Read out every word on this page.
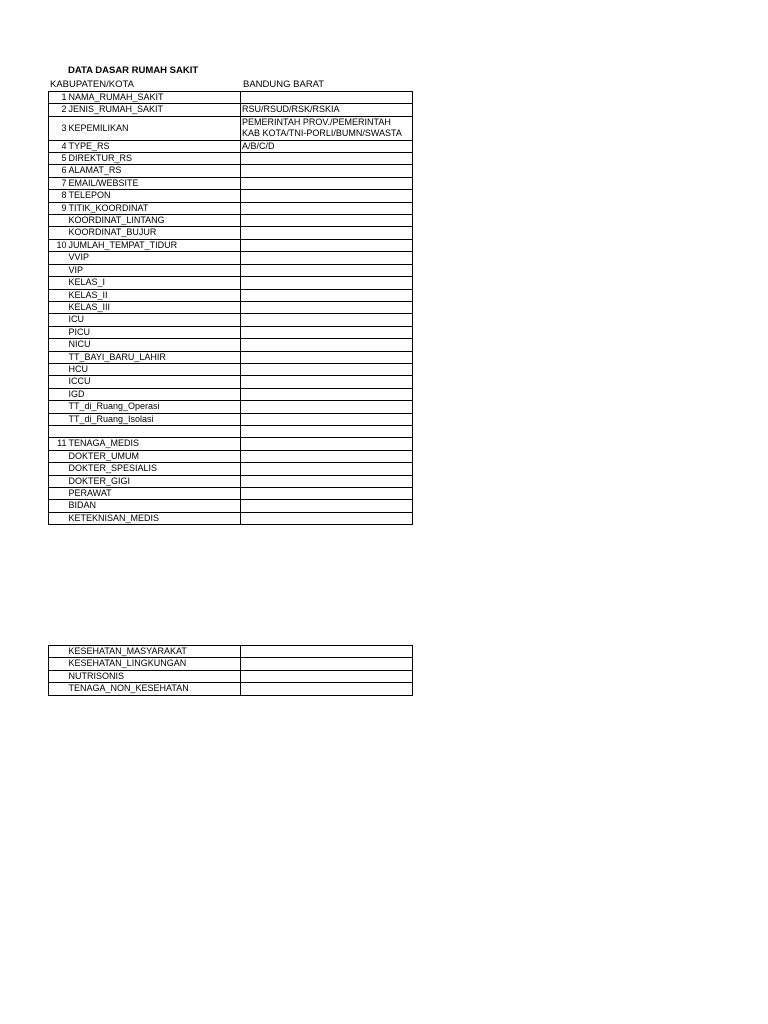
DATA DASAR RUMAH SAKIT
KABUPATEN/KOTA	BANDUNG BARAT
1	NAMA_RUMAH_SAKIT	
2	JENIS_RUMAH_SAKIT	RSU/RSUD/RSK/RSKIA
3	KEPEMILIKAN	PEMERINTAH PROV./PEMERINTAH KAB KOTA/TNI-PORLI/BUMN/SWASTA
4	TYPE_RS	A/B/C/D
5	DIREKTUR_RS	
6	ALAMAT_RS	
7	EMAIL/WEBSITE	
8	TELEPON	
9	TITIK_KOORDINAT	
	KOORDINAT_LINTANG	
	KOORDINAT_BUJUR	
10	JUMLAH_TEMPAT_TIDUR	
	VVIP	
	VIP	
	KELAS_I	
	KELAS_II	
	KELAS_III	
	ICU	
	PICU	
	NICU	
	TT_BAYI_BARU_LAHIR	
	HCU	
	ICCU	
	IGD	
	TT_di_Ruang_Operasi	
	TT_di_Ruang_Isolasi	

11	TENAGA_MEDIS	
	DOKTER_UMUM	
	DOKTER_SPESIALIS	
	DOKTER_GIGI	
	PERAWAT	
	BIDAN	
	KETEKNISAN_MEDIS	
	KESEHATAN_MASYARAKAT	
	KESEHATAN_LINGKUNGAN	
	NUTRISONIS	
	TENAGA_NON_KESEHATAN	
